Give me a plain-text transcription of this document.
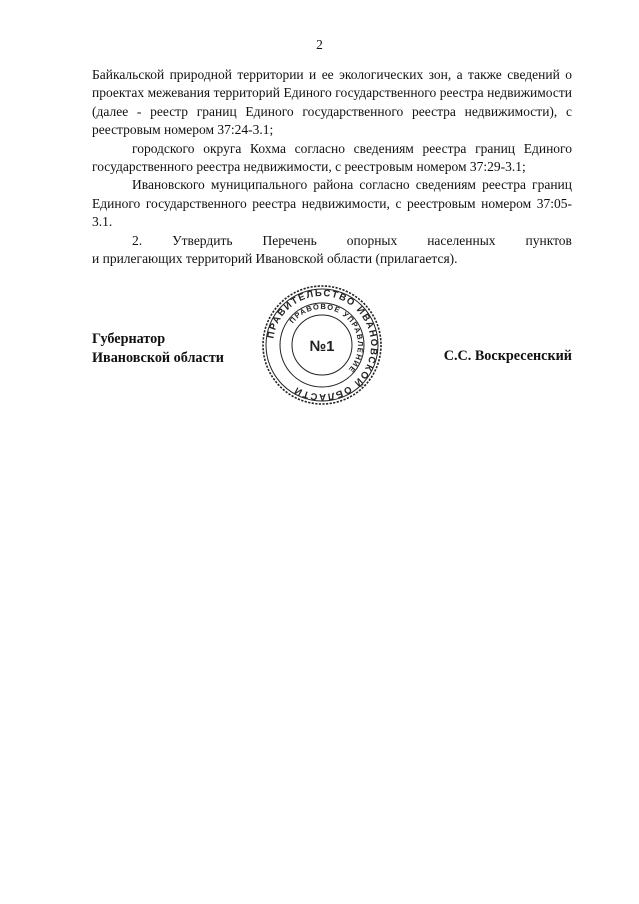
2

Байкальской природной территории и ее экологических зон, а также сведений о проектах межевания территорий Единого государственного реестра недвижимости (далее - реестр границ Единого государственного реестра недвижимости), с реестровым номером 37:24-3.1;

городского округа Кохма согласно сведениям реестра границ Единого государственного реестра недвижимости, с реестровым номером 37:29-3.1;

Ивановского муниципального района согласно сведениям реестра границ Единого государственного реестра недвижимости, с реестровым номером 37:05-3.1.

2. Утвердить Перечень опорных населенных пунктов

и прилегающих территорий Ивановской области (прилагается).

Губернатор
Ивановской области
ПРАВИТЕЛЬСТВО ИВАНОВСКОЙ ОБЛАСТИ
ПРАВОВОЕ УПРАВЛЕНИЕ
№1
С.С. Воскресенский
